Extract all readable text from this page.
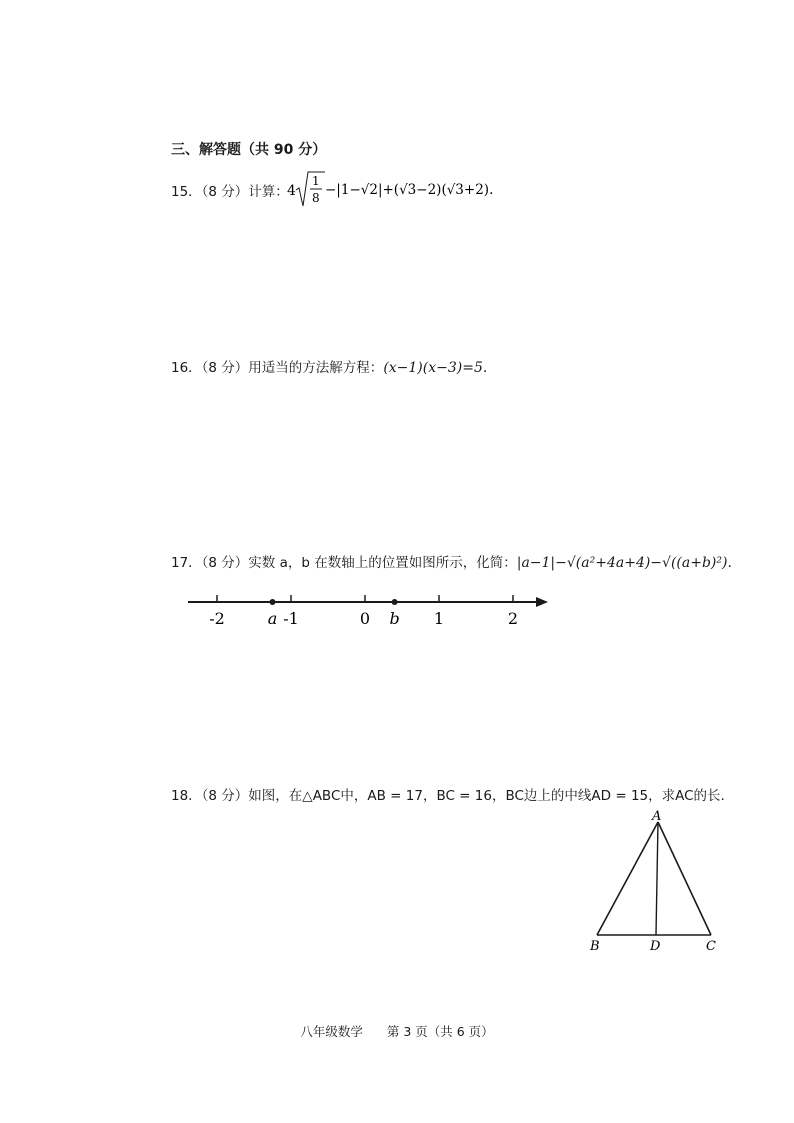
三、解答题（共 90 分）
15．（8 分）计算：
4
1
8 −|1−√2|+(√3−2)(√3+2).
16．（8 分）用适当的方法解方程：(x−1)(x−3)=5.
17．（8 分）实数 a，b 在数轴上的位置如图所示，化简：|a−1|−√(a²+4a+4)−√((a+b)²).
-2	-1	0	1	2
a	b
18．（8 分）如图，在△ABC中，AB = 17，BC = 16，BC边上的中线AD = 15，求AC的长.
A
B	D	C
八年级数学 第 3 页（共 6 页）
